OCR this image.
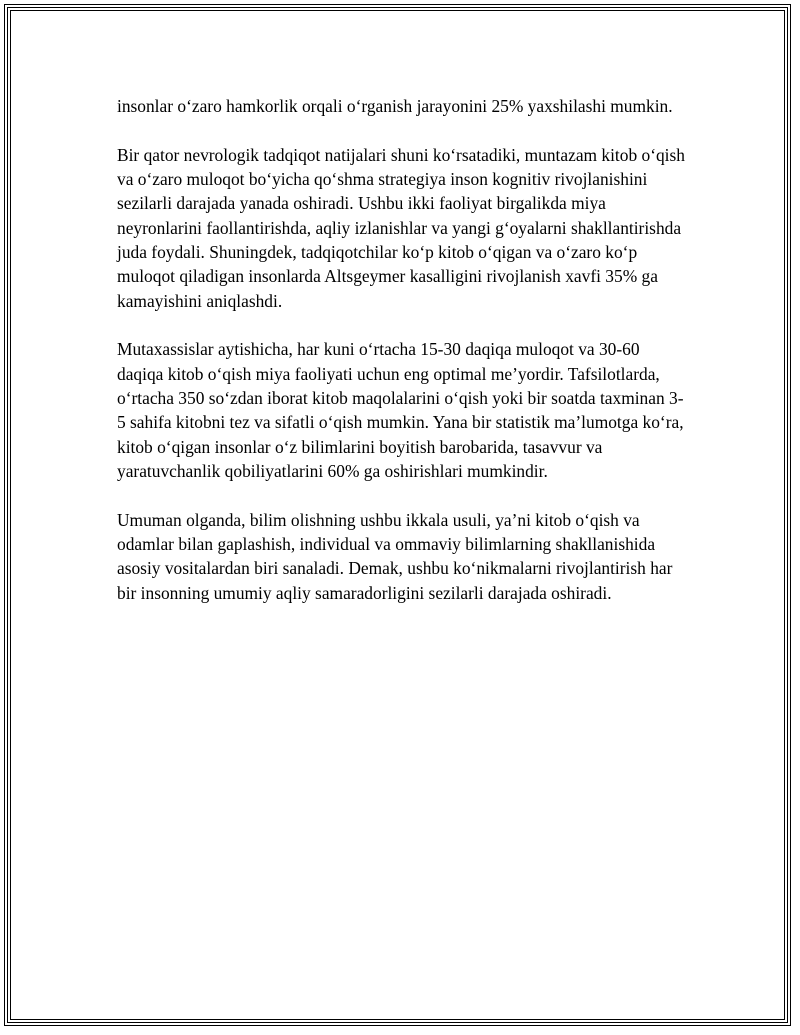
insonlar o‘zaro hamkorlik orqali o‘rganish jarayonini 25% yaxshilashi mumkin.

Bir qator nevrologik tadqiqot natijalari shuni ko‘rsatadiki, muntazam kitob o‘qish va o‘zaro muloqot bo‘yicha qo‘shma strategiya inson kognitiv rivojlanishini sezilarli darajada yanada oshiradi. Ushbu ikki faoliyat birgalikda miya neyronlarini faollantirishda, aqliy izlanishlar va yangi g‘oyalarni shakllantirishda juda foydali. Shuningdek, tadqiqotchilar ko‘p kitob o‘qigan va o‘zaro ko‘p muloqot qiladigan insonlarda Altsgeymer kasalligini rivojlanish xavfi 35% ga kamayishini aniqlashdi.

Mutaxassislar aytishicha, har kuni o‘rtacha 15-30 daqiqa muloqot va 30-60 daqiqa kitob o‘qish miya faoliyati uchun eng optimal me’yordir. Tafsilotlarda, o‘rtacha 350 so‘zdan iborat kitob maqolalarini o‘qish yoki bir soatda taxminan 3-5 sahifa kitobni tez va sifatli o‘qish mumkin. Yana bir statistik ma’lumotga ko‘ra, kitob o‘qigan insonlar o‘z bilimlarini boyitish barobarida, tasavvur va yaratuvchanlik qobiliyatlarini 60% ga oshirishlari mumkindir.

Umuman olganda, bilim olishning ushbu ikkala usuli, ya’ni kitob o‘qish va odamlar bilan gaplashish, individual va ommaviy bilimlarning shakllanishida asosiy vositalardan biri sanaladi. Demak, ushbu ko‘nikmalarni rivojlantirish har bir insonning umumiy aqliy samaradorligini sezilarli darajada oshiradi.
